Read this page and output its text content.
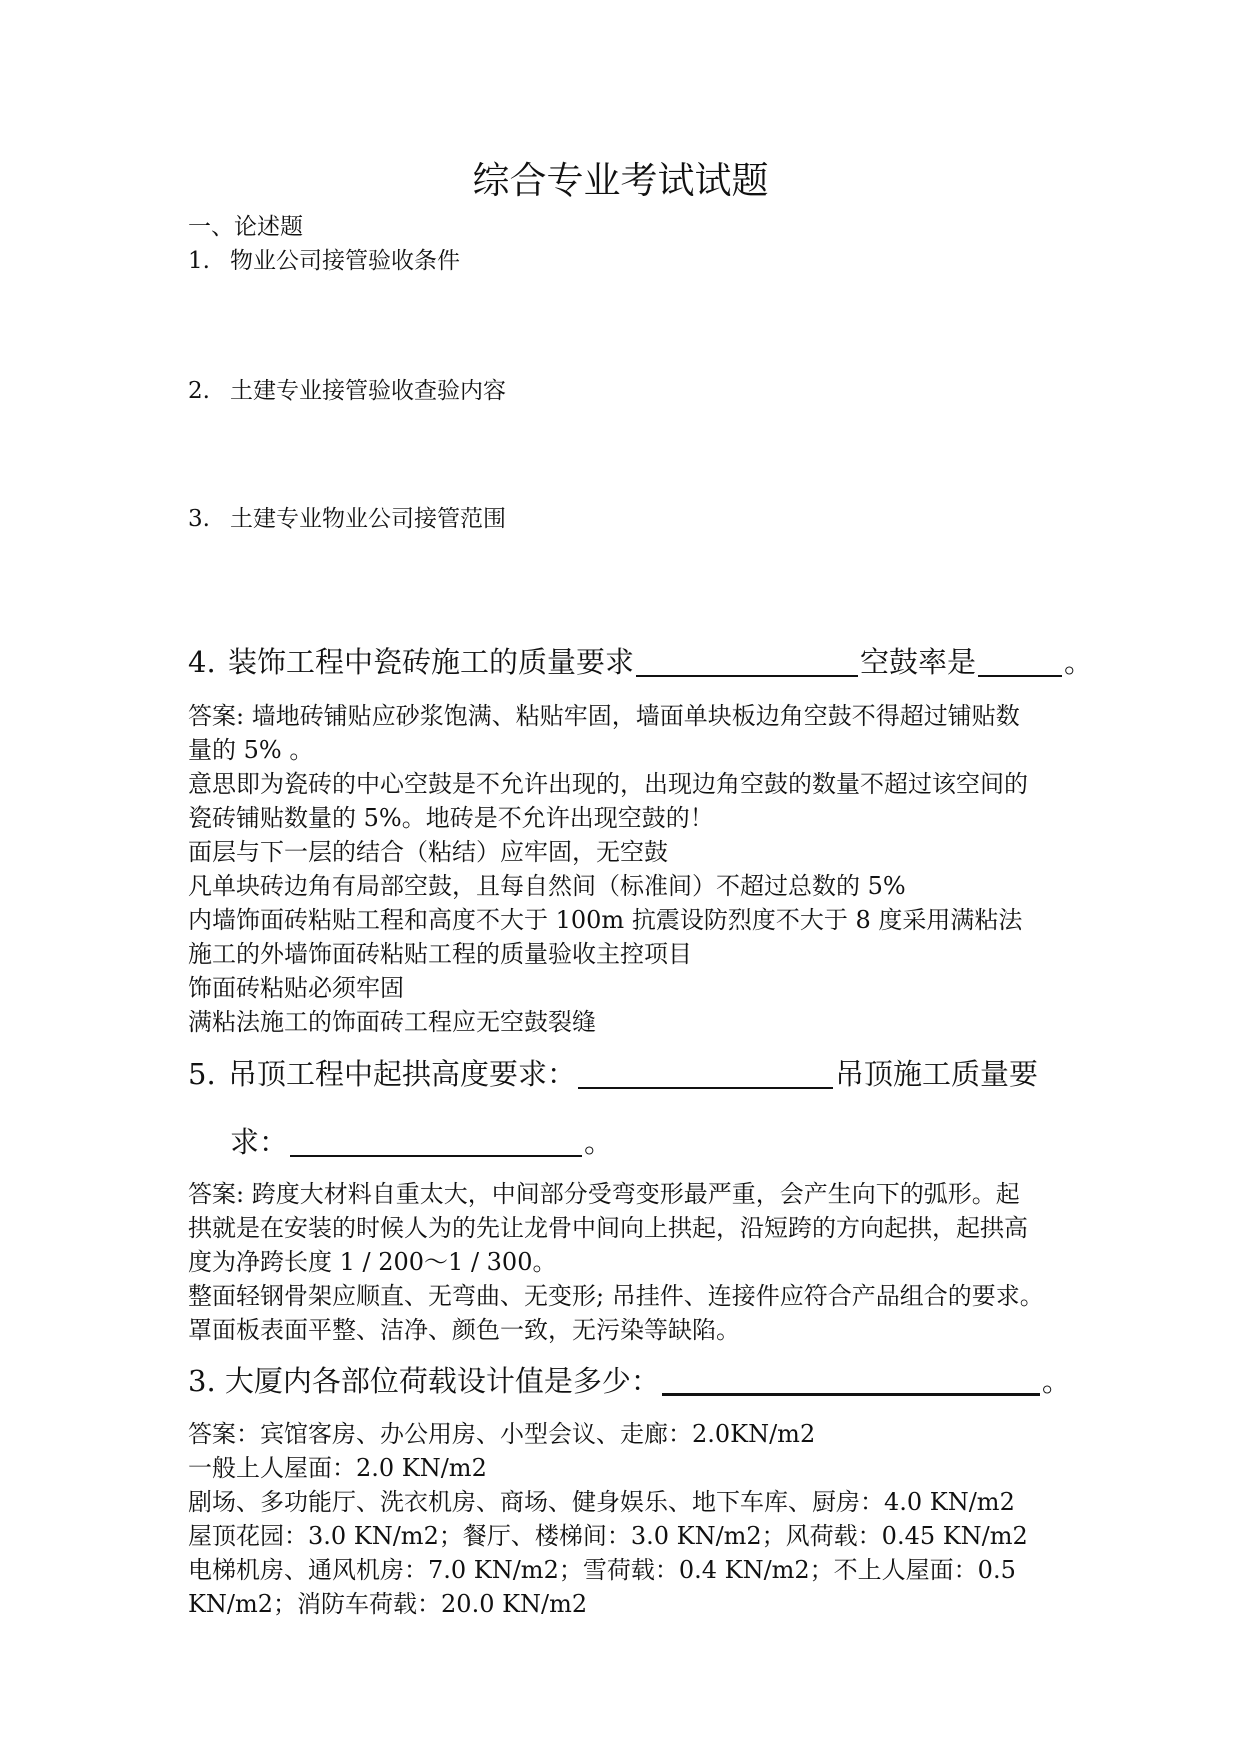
综合专业考试试题
一、论述题
1. 物业公司接管验收条件
2. 土建专业接管验收查验内容
3. 土建专业物业公司接管范围
4. 装饰工程中瓷砖施工的质量要求	空鼓率是	。
答案: 墙地砖铺贴应砂浆饱满、粘贴牢固，墙面单块板边角空鼓不得超过铺贴数
量的 5% 。
意思即为瓷砖的中心空鼓是不允许出现的，出现边角空鼓的数量不超过该空间的
瓷砖铺贴数量的 5%。地砖是不允许出现空鼓的！
面层与下一层的结合（粘结）应牢固，无空鼓
凡单块砖边角有局部空鼓，且每自然间（标准间）不超过总数的 5%
内墙饰面砖粘贴工程和高度不大于 100m 抗震设防烈度不大于 8 度采用满粘法
施工的外墙饰面砖粘贴工程的质量验收主控项目
饰面砖粘贴必须牢固
满粘法施工的饰面砖工程应无空鼓裂缝
5. 吊顶工程中起拱高度要求：	吊顶施工质量要
求：	。
答案: 跨度大材料自重太大，中间部分受弯变形最严重，会产生向下的弧形。起
拱就是在安装的时候人为的先让龙骨中间向上拱起，沿短跨的方向起拱，起拱高
度为净跨长度 1 / 200～1 / 300。
整面轻钢骨架应顺直、无弯曲、无变形; 吊挂件、连接件应符合产品组合的要求。
罩面板表面平整、洁净、颜色一致，无污染等缺陷。
3. 大厦内各部位荷载设计值是多少：	。
答案：宾馆客房、办公用房、小型会议、走廊：2.0KN/m2
一般上人屋面：2.0 KN/m2
剧场、多功能厅、洗衣机房、商场、健身娱乐、地下车库、厨房：4.0 KN/m2
屋顶花园：3.0 KN/m2；餐厅、楼梯间：3.0 KN/m2；风荷载：0.45 KN/m2
电梯机房、通风机房：7.0 KN/m2；雪荷载：0.4 KN/m2；不上人屋面：0.5
KN/m2；消防车荷载：20.0 KN/m2
